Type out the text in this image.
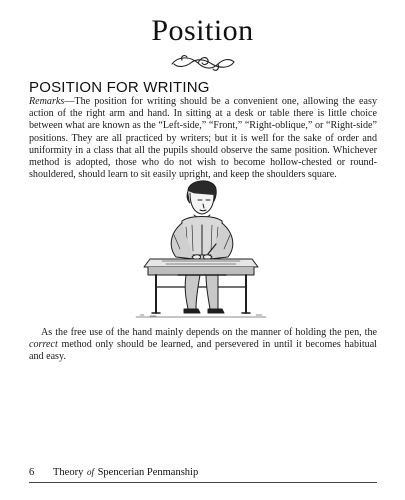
Position
POSITION FOR WRITING

Remarks—The position for writing should be a convenient one, allowing the easy action of the right arm and hand. In sitting at a desk or table there is little choice between what are known as the “Left-side,” “Front,” “Right-oblique,” or “Right-side” positions. They are all practiced by writers; but it is well for the sake of order and uniformity in a class that all the pupils should observe the same position. Whichever method is adopted, those who do not wish to become hollow-chested or round-shouldered, should learn to sit easily upright, and keep the shoulders square.

As the free use of the hand mainly depends on the manner of holding the pen, the correct method only should be learned, and persevered in until it becomes habitual and easy.

6 Theory of Spencerian Penmanship
